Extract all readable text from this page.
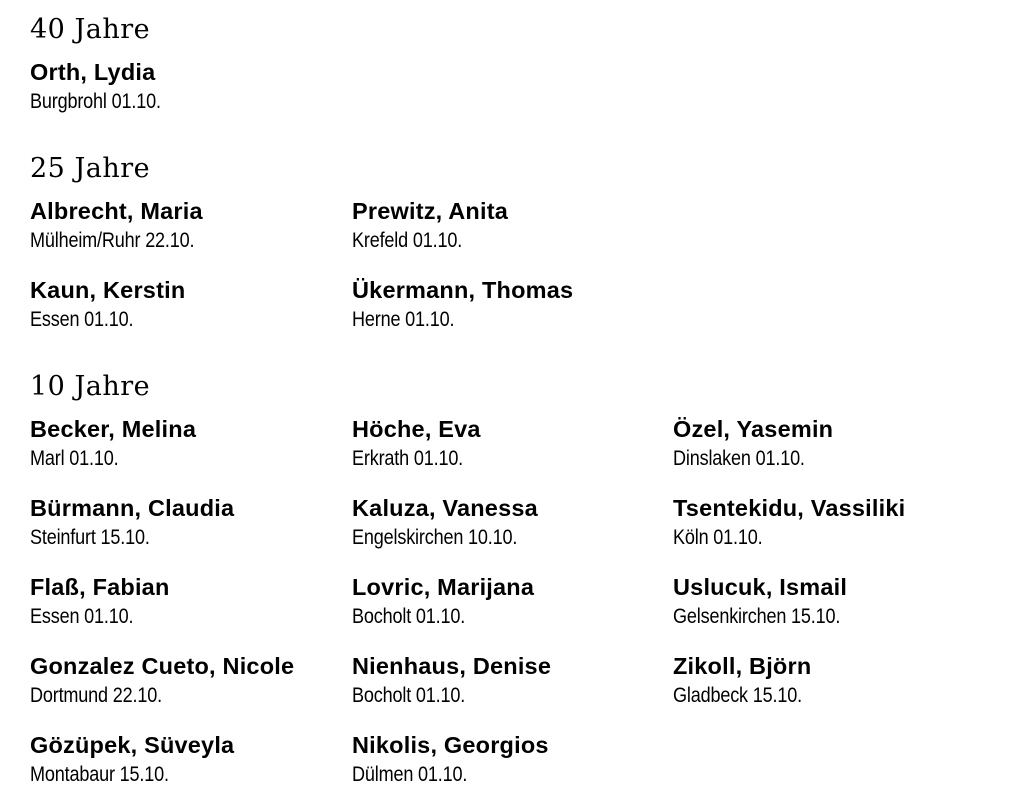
40 Jahre
Orth, Lydia
Burgbrohl 01.10.
25 Jahre
Albrecht, Maria
Mülheim/Ruhr 22.10.
Prewitz, Anita
Krefeld 01.10.
Kaun, Kerstin
Essen 01.10.
Ükermann, Thomas
Herne 01.10.
10 Jahre
Becker, Melina
Marl 01.10.
Höche, Eva
Erkrath 01.10.
Özel, Yasemin
Dinslaken 01.10.
Bürmann, Claudia
Steinfurt 15.10.
Kaluza, Vanessa
Engelskirchen 10.10.
Tsentekidu, Vassiliki
Köln 01.10.
Flaß, Fabian
Essen 01.10.
Lovric, Marijana
Bocholt 01.10.
Uslucuk, Ismail
Gelsenkirchen 15.10.
Gonzalez Cueto, Nicole
Dortmund 22.10.
Nienhaus, Denise
Bocholt 01.10.
Zikoll, Björn
Gladbeck 15.10.
Gözüpek, Süveyla
Montabaur 15.10.
Nikolis, Georgios
Dülmen 01.10.
